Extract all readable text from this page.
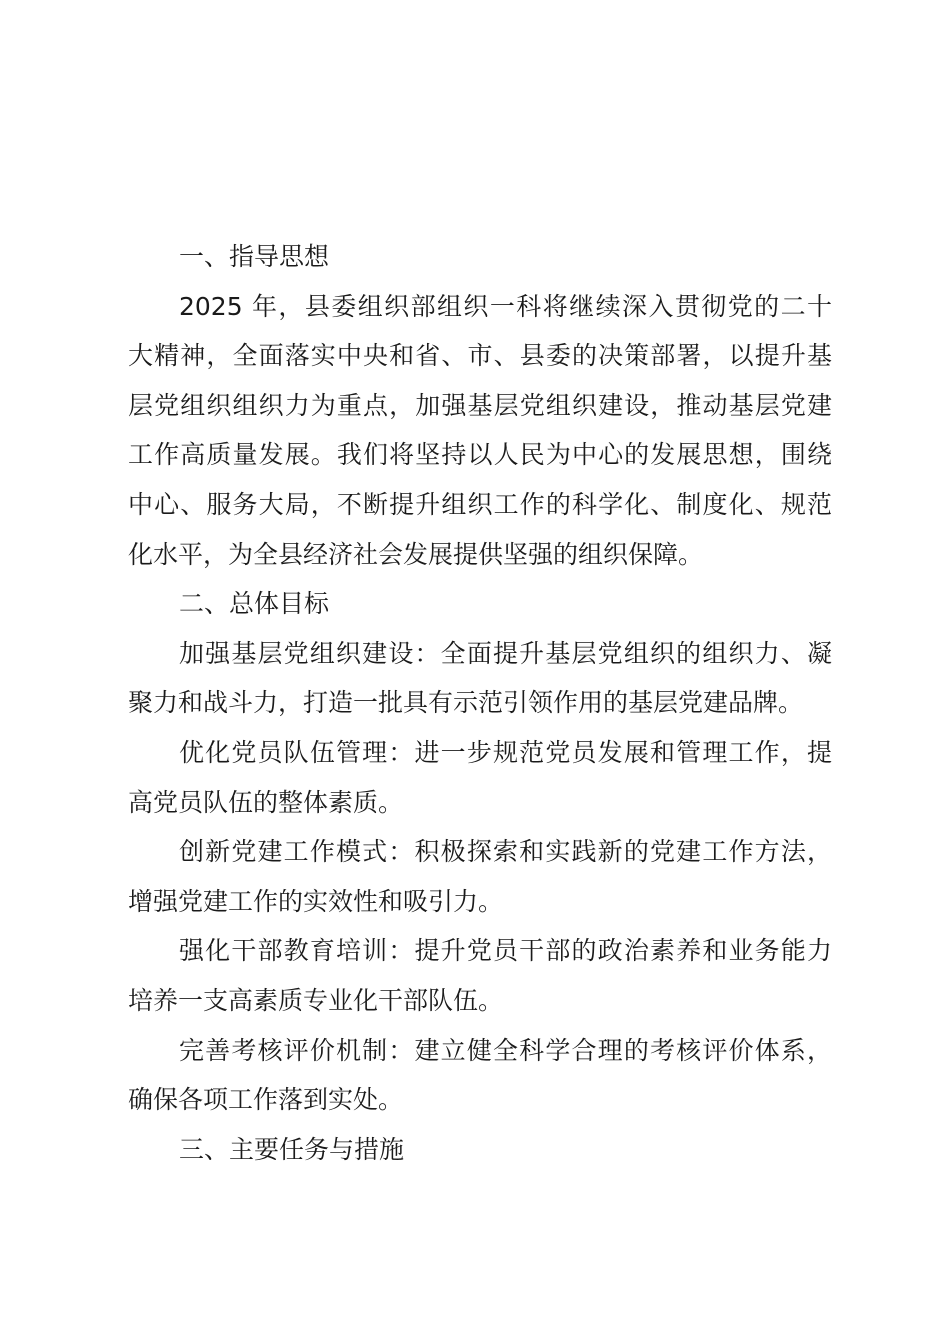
一、指导思想
2025 年，县委组织部组织一科将继续深入贯彻党的二十
大精神，全面落实中央和省、市、县委的决策部署，以提升基
层党组织组织力为重点，加强基层党组织建设，推动基层党建
工作高质量发展。我们将坚持以人民为中心的发展思想，围绕
中心、服务大局，不断提升组织工作的科学化、制度化、规范
化水平，为全县经济社会发展提供坚强的组织保障。
二、总体目标
加强基层党组织建设：全面提升基层党组织的组织力、凝
聚力和战斗力，打造一批具有示范引领作用的基层党建品牌。
优化党员队伍管理：进一步规范党员发展和管理工作，提
高党员队伍的整体素质。
创新党建工作模式：积极探索和实践新的党建工作方法，
增强党建工作的实效性和吸引力。
强化干部教育培训：提升党员干部的政治素养和业务能力
培养一支高素质专业化干部队伍。
完善考核评价机制：建立健全科学合理的考核评价体系，
确保各项工作落到实处。
三、主要任务与措施
